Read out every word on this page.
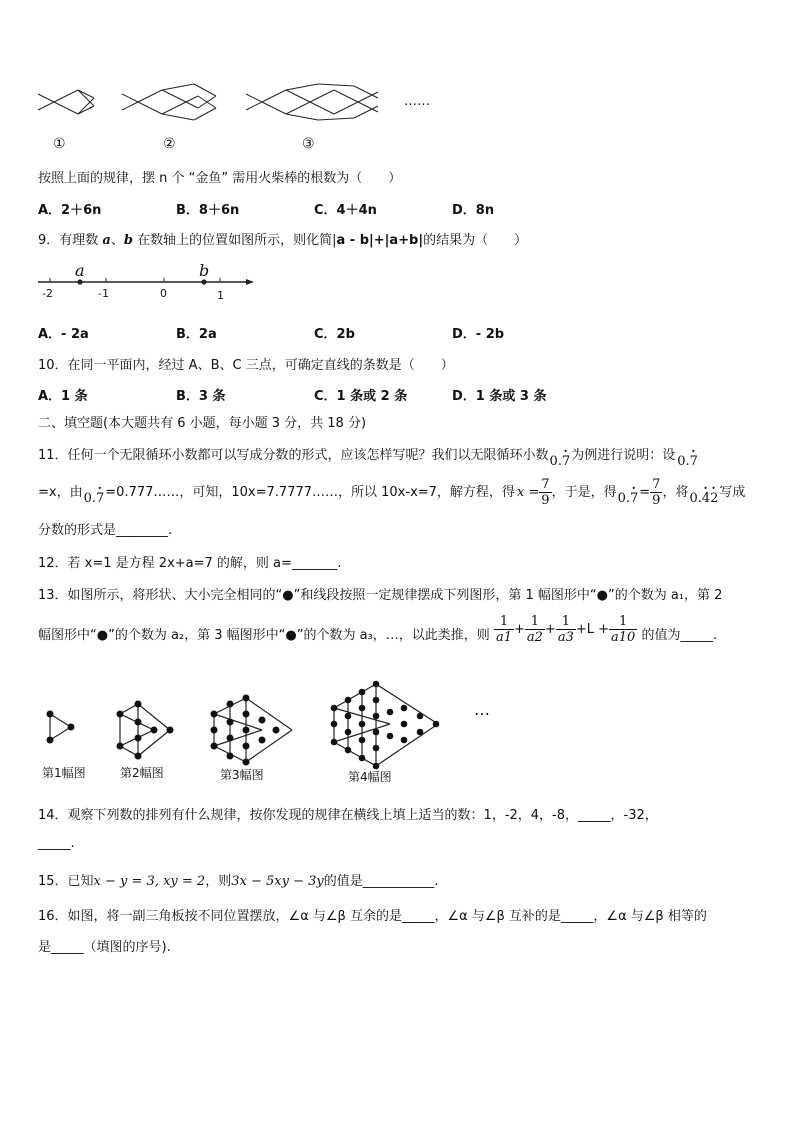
……
①	②	③
按照上面的规律，摆 n 个 “金鱼” 需用火柴棒的根数为（　　）
A．2＋6n	B．8＋6n	C．4＋4n	D．8n
9．有理数 a、b 在数轴上的位置如图所示，则化简|a - b|+|a+b|的结果为（　　）
a	b
-2	-1	0	1
A．- 2a	B．2a	C．2b	D．- 2b
10．在同一平面内，经过 A、B、C 三点，可确定直线的条数是（　　）
A．1 条	B．3 条	C．1 条或 2 条	D．1 条或 3 条
二、填空题(本大题共有 6 小题，每小题 3 分，共 18 分)
11．任何一个无限循环小数都可以写成分数的形式，应该怎样写呢？我们以无限循环小数0.7
· 为例进行说明：设 0.7
·
=x，由0.7
· =0.777……，可知，10x=7.7777……，所以 10x-x=7，解方程，得 $x = \frac{7}{9}$ ，于是，得0.7
· = $\frac{7}{9}$ ，将0.42
· · 写成
分数的形式是________.
12．若 x=1 是方程 2x+a=7 的解，则 a=_______.
13．如图所示，将形状、大小完全相同的“●”和线段按照一定规律摆成下列图形，第 1 幅图形中“●”的个数为 a₁，第 2
幅图形中“●”的个数为 a₂，第 3 幅图形中“●”的个数为 a₃，…，以此类推，则 $\frac{1}{a1} + \frac{1}{a2} + \frac{1}{a3} +L + \frac{1}{a10}$ 的值为_____.
…
第1幅图	第2幅图	第3幅图	第4幅图
14．观察下列数的排列有什么规律，按你发现的规律在横线上填上适当的数：1，-2，4，-8，_____，-32，
_____.
15．已知x − y = 3, xy = 2，则3x − 5xy − 3y的值是___________.
16．如图，将一副三角板按不同位置摆放，∠α 与∠β 互余的是_____，∠α 与∠β 互补的是_____，∠α 与∠β 相等的
是_____（填图的序号).
